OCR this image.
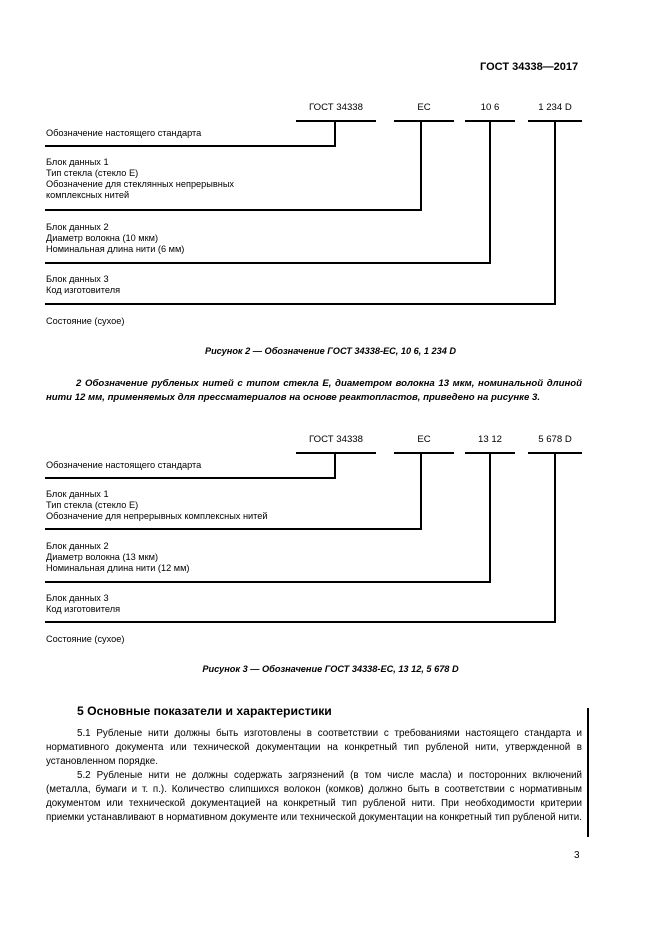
ГОСТ 34338—2017
ГОСТ 34338	ЕС	10 6	1 234 D
Обозначение настоящего стандарта
Блок данных 1
Тип стекла (стекло Е)
Обозначение для стеклянных непрерывных
комплексных нитей
Блок данных 2
Диаметр волокна (10 мкм)
Номинальная длина нити (6 мм)
Блок данных 3
Код изготовителя
Состояние (сухое)
Рисунок 2 — Обозначение ГОСТ 34338-ЕС, 10 6, 1 234 D
2 Обозначение рубленых нитей с типом стекла Е, диаметром волокна 13 мкм, номинальной длиной нити 12 мм, применяемых для прессматериалов на основе реактопластов, приведено на рисунке 3.
ГОСТ 34338	ЕС	13 12	5 678 D
Обозначение настоящего стандарта
Блок данных 1
Тип стекла (стекло Е)
Обозначение для непрерывных комплексных нитей
Блок данных 2
Диаметр волокна (13 мкм)
Номинальная длина нити (12 мм)
Блок данных 3
Код изготовителя
Состояние (сухое)
Рисунок 3 — Обозначение ГОСТ 34338-ЕС, 13 12, 5 678 D
5 Основные показатели и характеристики

5.1 Рубленые нити должны быть изготовлены в соответствии с требованиями настоящего стандарта и нормативного документа или технической документации на конкретный тип рубленой нити, утвержденной в установленном порядке.

5.2 Рубленые нити не должны содержать загрязнений (в том числе масла) и посторонних включений (металла, бумаги и т. п.). Количество слипшихся волокон (комков) должно быть в соответствии с нормативным документом или технической документацией на конкретный тип рубленой нити. При необходимости критерии приемки устанавливают в нормативном документе или технической документации на конкретный тип рубленой нити.

3
